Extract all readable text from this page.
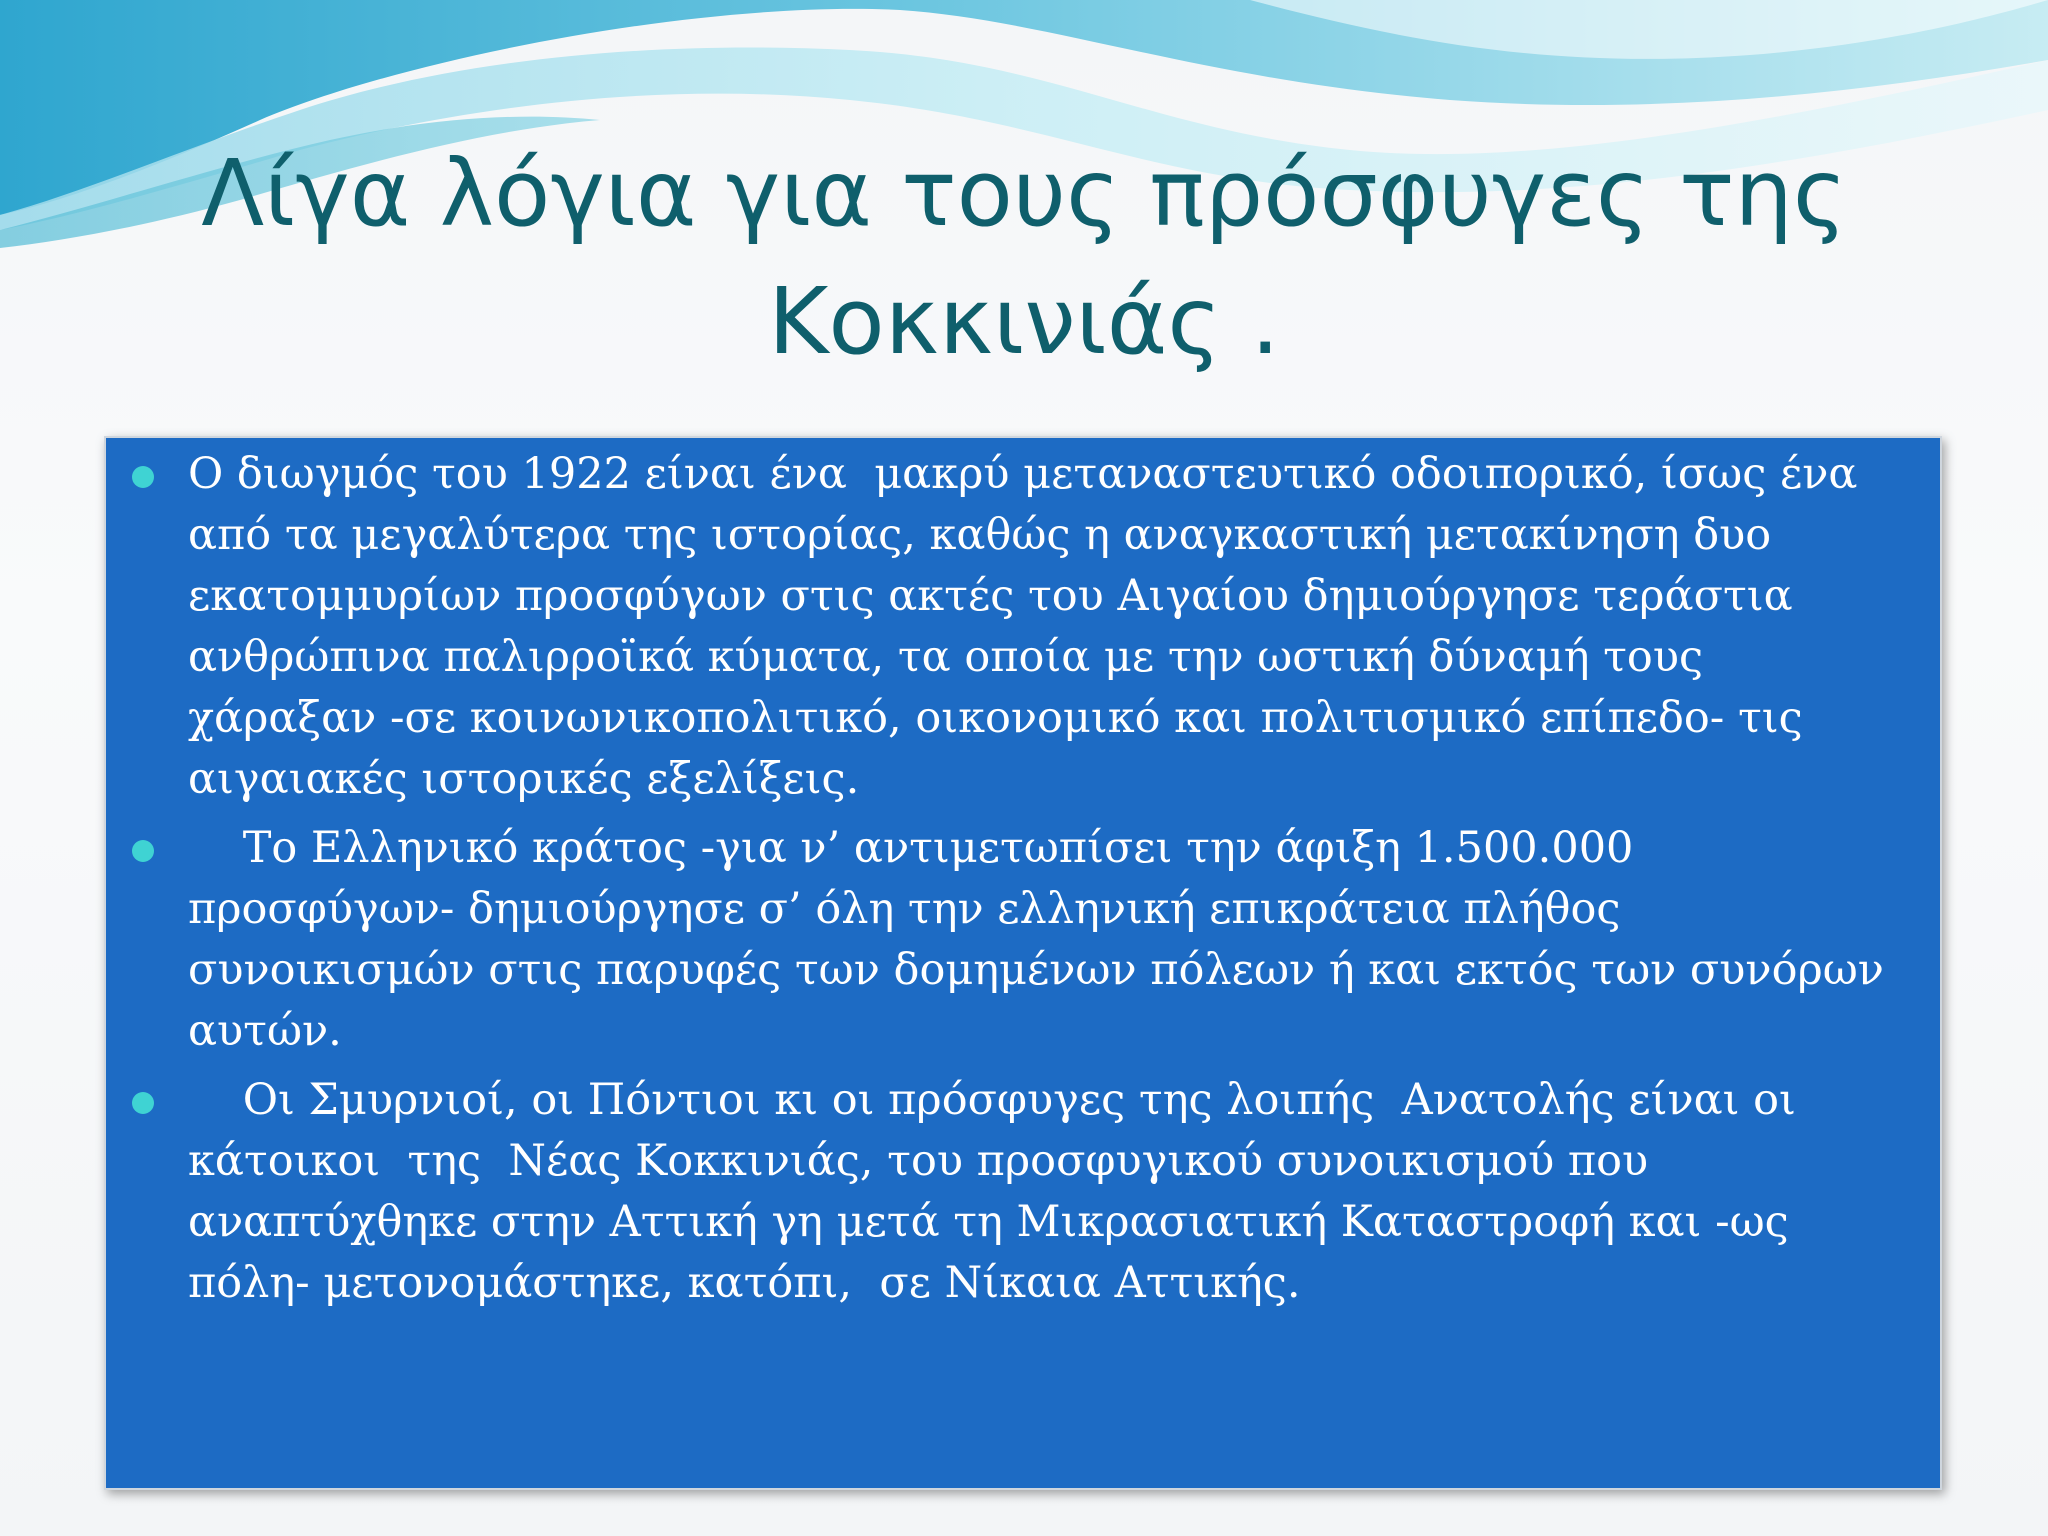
Λίγα λόγια για τους πρόσφυγες της Κοκκινιάς .
Ο διωγμός του 1922 είναι ένα  μακρύ μεταναστευτικό οδοιπορικό, ίσως ένα από τα μεγαλύτερα της ιστορίας, καθώς η αναγκαστική μετακίνηση δυο εκατομμυρίων προσφύγων στις ακτές του Αιγαίου δημιούργησε τεράστια ανθρώπινα παλιρροϊκά κύματα, τα οποία με την ωστική δύναμή τους χάραξαν -σε κοινωνικοπολιτικό, οικονομικό και πολιτισμικό επίπεδο- τις αιγαιακές ιστορικές εξελίξεις.
Το Ελληνικό κράτος -για ν’ αντιμετωπίσει την άφιξη 1.500.000 προσφύγων- δημιούργησε σ’ όλη την ελληνική επικράτεια πλήθος συνοικισμών στις παρυφές των δομημένων πόλεων ή και εκτός των συνόρων αυτών.
Οι Σμυρνιοί, οι Πόντιοι κι οι πρόσφυγες της λοιπής  Ανατολής είναι οι κάτοικοι  της  Νέας Κοκκινιάς, του προσφυγικού συνοικισμού που αναπτύχθηκε στην Αττική γη μετά τη Μικρασιατική Καταστροφή και -ως πόλη- μετονομάστηκε, κατόπι,  σε Νίκαια Αττικής.
